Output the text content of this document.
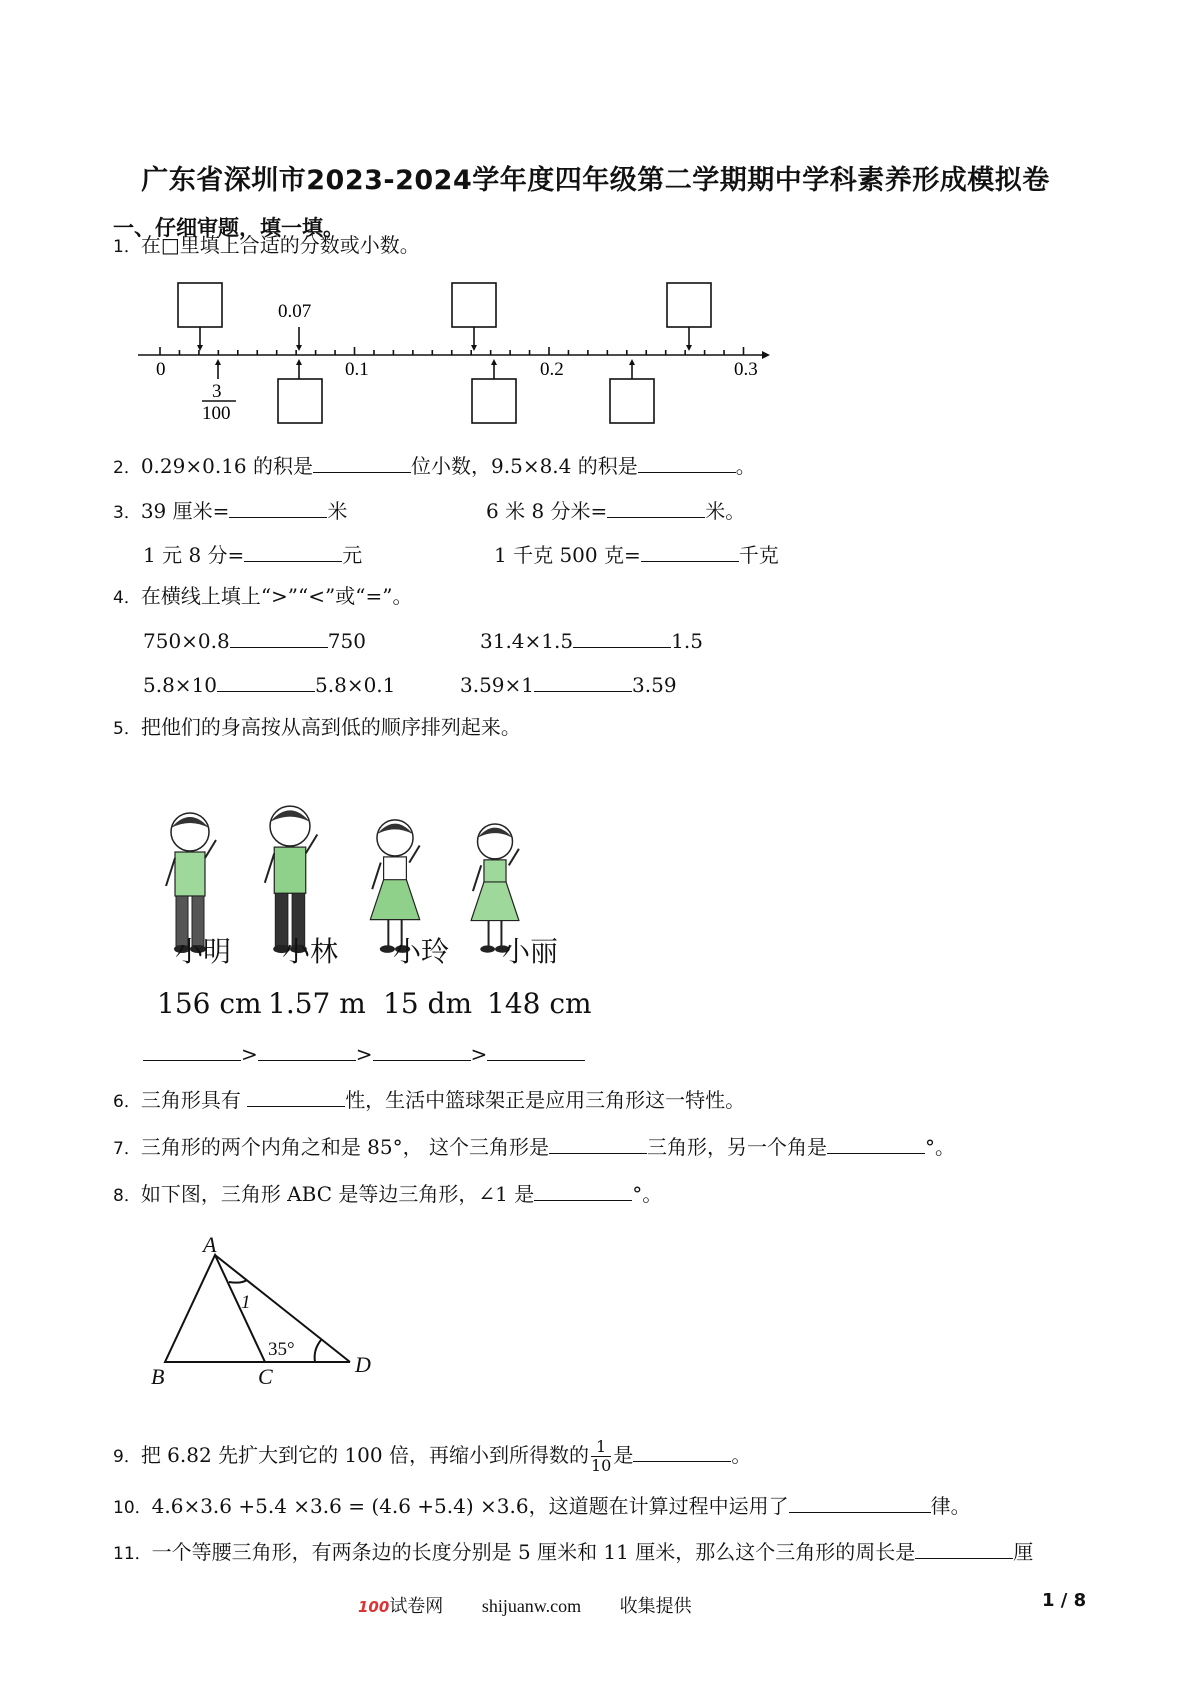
广东省深圳市2023-2024学年度四年级第二学期期中学科素养形成模拟卷
一、仔细审题，填一填。
1．在□里填上合适的分数或小数。
0.07
0	0.1	0.2	0.3
3
100
2．0.29×0.16 的积是	位小数，9.5×8.4 的积是	。
3．39 厘米=	米	6 米 8 分米=	米。
1 元 8 分=	元	1 千克 500 克=	千克
4．在横线上填上“>”“<”或“=”。
750×0.8	750	31.4×1.5	1.5
5.8×10	5.8×0.1	3.59×1	3.59
5．把他们的身高按从高到低的顺序排列起来。
小明 小林 小玲 小丽
156 cm 1.57 m 15 dm 148 cm
>	>	>
6．三角形具有	性，生活中篮球架正是应用三角形这一特性。
7．三角形的两个内角之和是 85°， 这个三角形是	三角形，另一个角是	°。
8．如下图，三角形 ABC 是等边三角形，∠1 是	°。
A
B	C	D
1
35°
9．把 6.82 先扩大到它的 100 倍，再缩小到所得数的 $\frac{1}{10}$ 是	。
10．4.6×3.6 +5.4 ×3.6 = (4.6 +5.4) ×3.6，这道题在计算过程中运用了	律。
11．一个等腰三角形，有两条边的长度分别是 5 厘米和 11 厘米，那么这个三角形的周长是	厘
100试卷网 shijuanw.com 收集提供	1 / 8
